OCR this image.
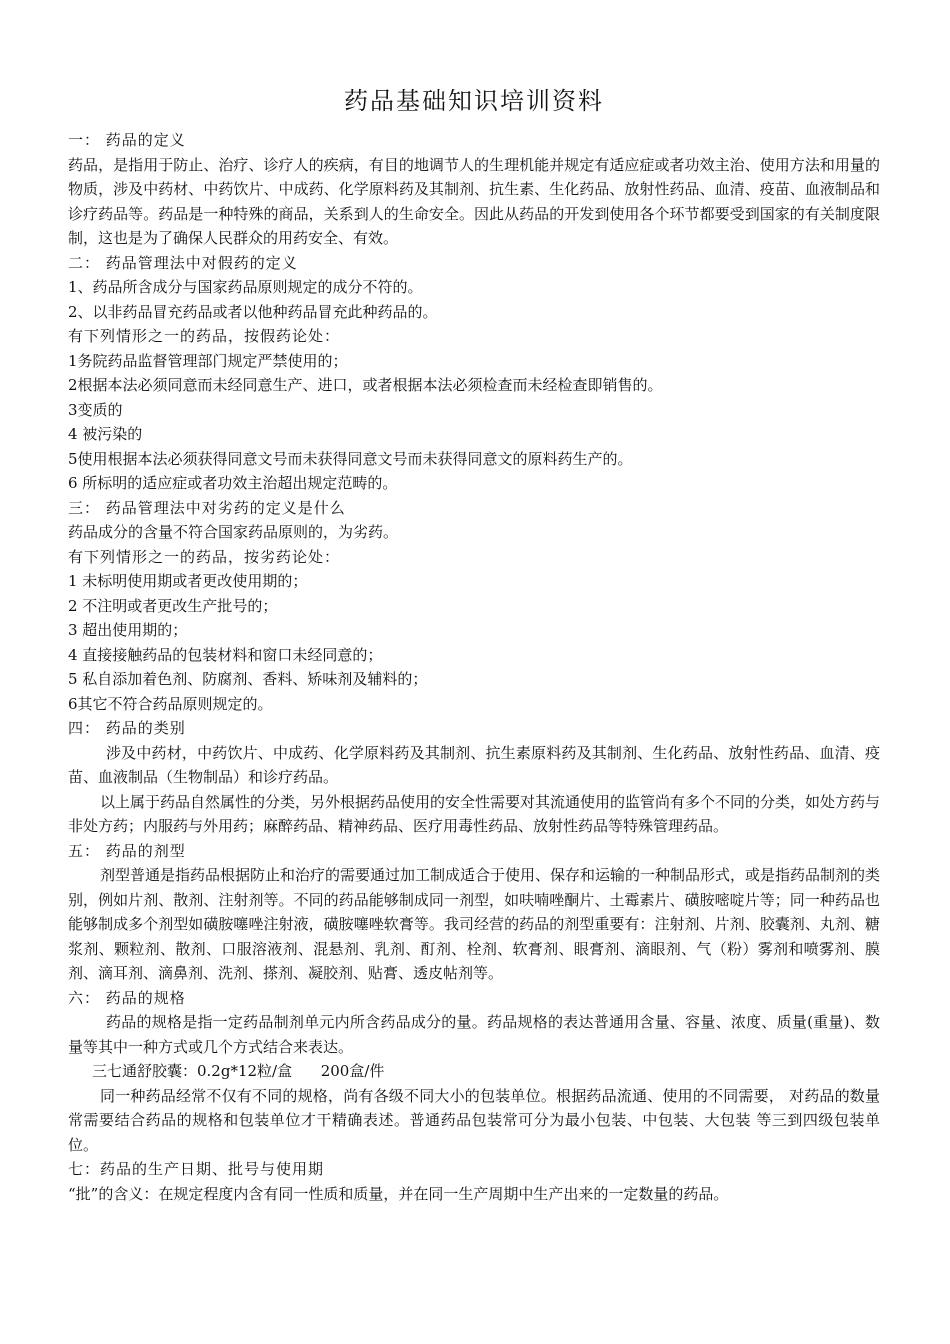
药品基础知识培训资料
一： 药品的定义
药品，是指用于防止、治疗、诊疗人的疾病，有目的地调节人的生理机能并规定有适应症或者功效主治、使用方法和用量的物质，涉及中药材、中药饮片、中成药、化学原料药及其制剂、抗生素、生化药品、放射性药品、血清、疫苗、血液制品和诊疗药品等。药品是一种特殊的商品，关系到人的生命安全。因此从药品的开发到使用各个环节都要受到国家的有关制度限制，这也是为了确保人民群众的用药安全、有效。
二： 药品管理法中对假药的定义
1、药品所含成分与国家药品原则规定的成分不符的。
2、以非药品冒充药品或者以他种药品冒充此种药品的。
有下列情形之一的药品，按假药论处：
1务院药品监督管理部门规定严禁使用的；
2根据本法必须同意而未经同意生产、进口，或者根据本法必须检查而未经检查即销售的。
3变质的
4 被污染的
5使用根据本法必须获得同意文号而未获得同意文号而未获得同意文的原料药生产的。
6 所标明的适应症或者功效主治超出规定范畴的。
三： 药品管理法中对劣药的定义是什么
药品成分的含量不符合国家药品原则的，为劣药。
有下列情形之一的药品，按劣药论处：
1 未标明使用期或者更改使用期的；
2 不注明或者更改生产批号的；
3 超出使用期的；
4 直接接触药品的包装材料和窗口未经同意的；
5 私自添加着色剂、防腐剂、香料、矫味剂及辅料的；
6其它不符合药品原则规定的。
四： 药品的类别
涉及中药材，中药饮片、中成药、化学原料药及其制剂、抗生素原料药及其制剂、生化药品、放射性药品、血清、疫苗、血液制品（生物制品）和诊疗药品。
以上属于药品自然属性的分类，另外根据药品使用的安全性需要对其流通使用的监管尚有多个不同的分类，如处方药与非处方药；内服药与外用药；麻醉药品、精神药品、医疗用毒性药品、放射性药品等特殊管理药品。
五： 药品的剂型
剂型普通是指药品根据防止和治疗的需要通过加工制成适合于使用、保存和运输的一种制品形式，或是指药品制剂的类别，例如片剂、散剂、注射剂等。不同的药品能够制成同一剂型，如呋喃唑酮片、土霉素片、磺胺嘧啶片等；同一种药品也能够制成多个剂型如磺胺噻唑注射液，磺胺噻唑软膏等。我司经营的药品的剂型重要有：注射剂、片剂、胶囊剂、丸剂、糖浆剂、颗粒剂、散剂、口服溶液剂、混悬剂、乳剂、酊剂、栓剂、软膏剂、眼膏剂、滴眼剂、气（粉）雾剂和喷雾剂、膜剂、滴耳剂、滴鼻剂、洗剂、搽剂、凝胶剂、贴膏、透皮帖剂等。
六： 药品的规格
药品的规格是指一定药品制剂单元内所含药品成分的量。药品规格的表达普通用含量、容量、浓度、质量(重量)、数量等其中一种方式或几个方式结合来表达。
三七通舒胶囊：0.2g*12粒/盒      200盒/件
同一种药品经常不仅有不同的规格，尚有各级不同大小的包装单位。根据药品流通、使用的不同需要， 对药品的数量常需要结合药品的规格和包装单位才干精确表述。普通药品包装常可分为最小包装、中包装、大包装 等三到四级包装单位。
七：药品的生产日期、批号与使用期
“批”的含义：在规定程度内含有同一性质和质量，并在同一生产周期中生产出来的一定数量的药品。
